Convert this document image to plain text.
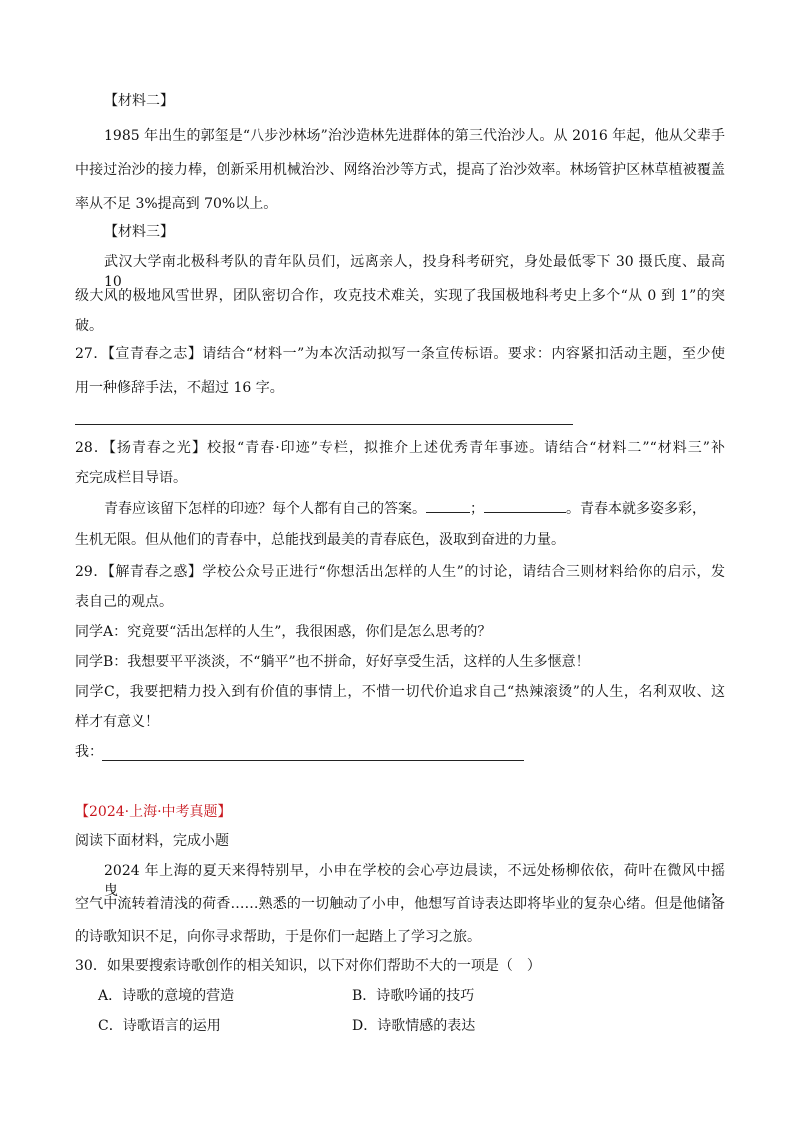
【材料二】
1985 年出生的郭玺是“八步沙林场”治沙造林先进群体的第三代治沙人。从 2016 年起，他从父辈手
中接过治沙的接力棒，创新采用机械治沙、网络治沙等方式，提高了治沙效率。林场管护区林草植被覆盖
率从不足 3%提高到 70%以上。
【材料三】
武汉大学南北极科考队的青年队员们，远离亲人，投身科考研究，身处最低零下 30 摄氏度、最高 10
级大风的极地风雪世界，团队密切合作，攻克技术难关，实现了我国极地科考史上多个“从 0 到 1”的突
破。
27．【宣青春之志】请结合“材料一”为本次活动拟写一条宣传标语。要求：内容紧扣活动主题，至少使
用一种修辞手法，不超过 16 字。
28．【扬青春之光】校报“青春·印迹”专栏，拟推介上述优秀青年事迹。请结合“材料二”“材料三”补
充完成栏目导语。
青春应该留下怎样的印迹？每个人都有自己的答案。	；	。青春本就多姿多彩，
生机无限。但从他们的青春中，总能找到最美的青春底色，汲取到奋进的力量。
29．【解青春之惑】学校公众号正进行“你想活出怎样的人生”的讨论，请结合三则材料给你的启示，发
表自己的观点。
同学A：究竟要“活出怎样的人生”，我很困惑，你们是怎么思考的？
同学B：我想要平平淡淡，不“躺平”也不拼命，好好享受生活，这样的人生多惬意！
同学C，我要把精力投入到有价值的事情上，不惜一切代价追求自己“热辣滚烫”的人生，名利双收、这
样才有意义！
我：
【2024·上海·中考真题】
阅读下面材料，完成小题
2024 年上海的夏天来得特别早，小申在学校的会心亭边晨读，不远处杨柳依依，荷叶在微风中摇曳，
空气中流转着清浅的荷香……熟悉的一切触动了小申，他想写首诗表达即将毕业的复杂心绪。但是他储备
的诗歌知识不足，向你寻求帮助，于是你们一起踏上了学习之旅。
30．如果要搜索诗歌创作的相关知识，以下对你们帮助不大的一项是（　）
A．诗歌的意境的营造	B．诗歌吟诵的技巧
C．诗歌语言的运用	D．诗歌情感的表达
